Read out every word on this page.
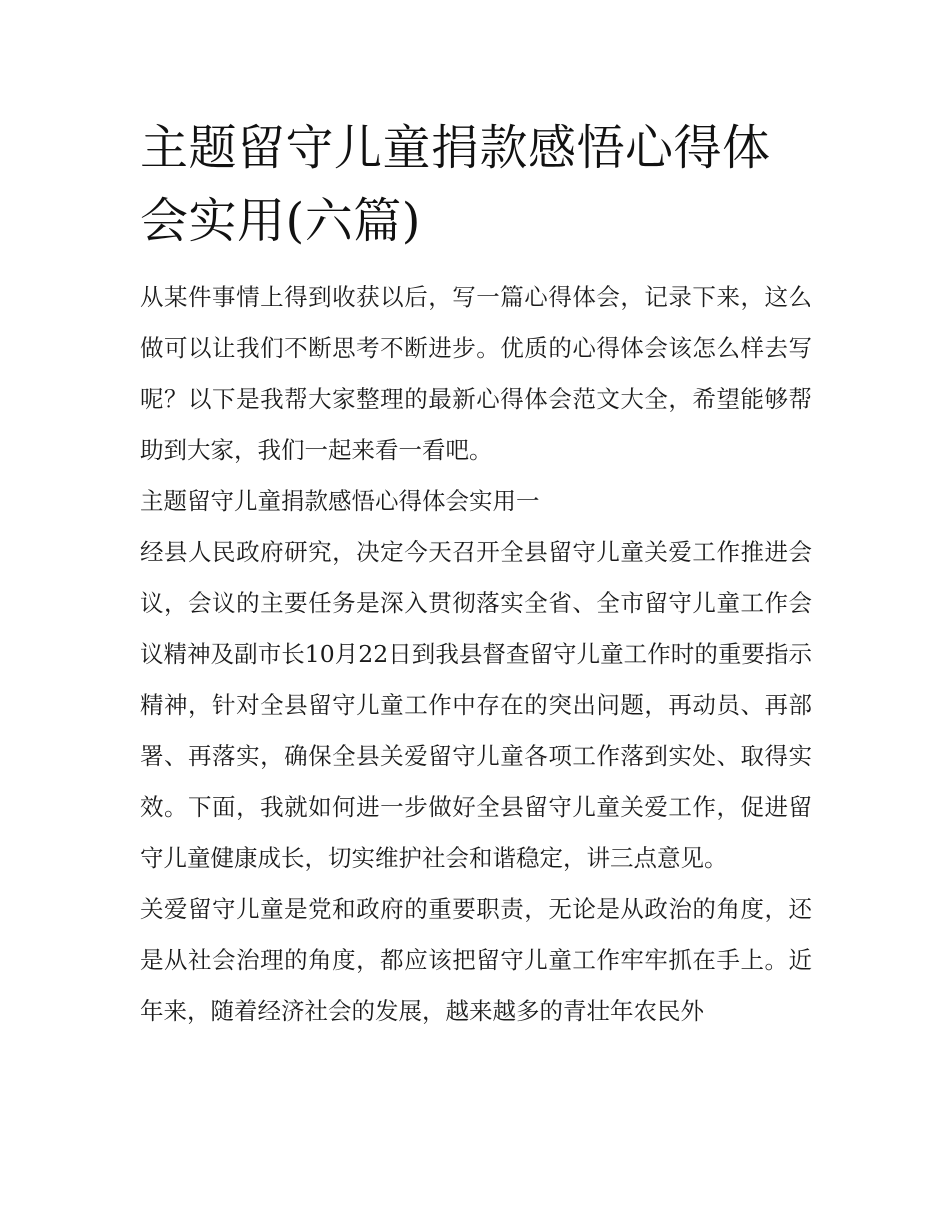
主题留守儿童捐款感悟心得体会实用(六篇)

从某件事情上得到收获以后，写一篇心得体会，记录下来，这么做可以让我们不断思考不断进步。优质的心得体会该怎么样去写呢？以下是我帮大家整理的最新心得体会范文大全，希望能够帮助到大家，我们一起来看一看吧。

主题留守儿童捐款感悟心得体会实用一

经县人民政府研究，决定今天召开全县留守儿童关爱工作推进会议，会议的主要任务是深入贯彻落实全省、全市留守儿童工作会议精神及副市长10月22日到我县督查留守儿童工作时的重要指示精神，针对全县留守儿童工作中存在的突出问题，再动员、再部署、再落实，确保全县关爱留守儿童各项工作落到实处、取得实效。下面，我就如何进一步做好全县留守儿童关爱工作，促进留守儿童健康成长，切实维护社会和谐稳定，讲三点意见。

关爱留守儿童是党和政府的重要职责，无论是从政治的角度，还是从社会治理的角度，都应该把留守儿童工作牢牢抓在手上。近年来，随着经济社会的发展，越来越多的青壮年农民外
